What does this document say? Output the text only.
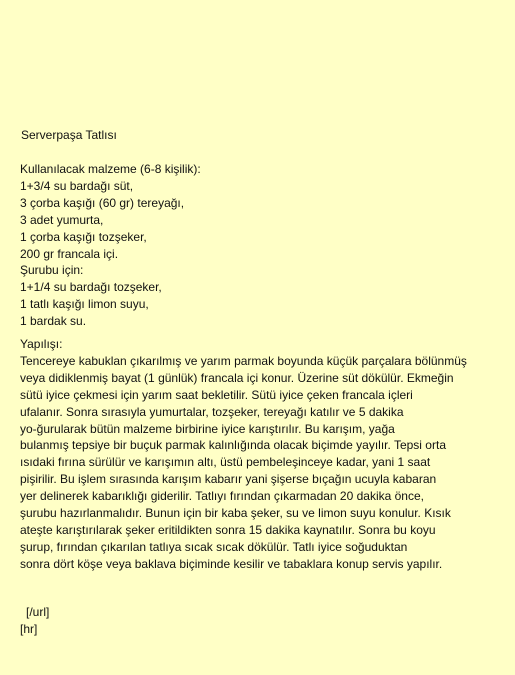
Serverpaşa Tatlısı
Kullanılacak malzeme (6-8 kişilik):
1+3/4 su bardağı süt,
3 çorba kaşığı (60 gr) tereyağı,
3 adet yumurta,
1 çorba kaşığı tozşeker,
200 gr francala içi.
Şurubu için:
1+1/4 su bardağı tozşeker,
1 tatlı kaşığı limon suyu,
1 bardak su.
Yapılışı:
Tencereye kabuklan çıkarılmış ve yarım parmak boyunda küçük parçalara bölünmüş
veya didiklenmiş bayat (1 günlük) francala içi konur. Üzerine süt dökülür. Ekmeğin
sütü iyice çekmesi için yarım saat bekletilir. Sütü iyice çeken francala içleri
ufalanır. Sonra sırasıyla yumurtalar, tozşeker, tereyağı katılır ve 5 dakika
yo-ğurularak bütün malzeme birbirine iyice karıştırılır. Bu karışım, yağa
bulanmış tepsiye bir buçuk parmak kalınlığında olacak biçimde yayılır. Tepsi orta
ısıdaki fırına sürülür ve karışımın altı, üstü pembeleşinceye kadar, yani 1 saat
pişirilir. Bu işlem sırasında karışım kabarır yani şişerse bıçağın ucuyla kabaran
yer delinerek kabarıklığı giderilir. Tatlıyı fırından çıkarmadan 20 dakika önce,
şurubu hazırlanmalıdır. Bunun için bir kaba şeker, su ve limon suyu konulur. Kısık
ateşte karıştırılarak şeker eritildikten sonra 15 dakika kaynatılır. Sonra bu koyu
şurup, fırından çıkarılan tatlıya sıcak sıcak dökülür. Tatlı iyice soğuduktan
sonra dört köşe veya baklava biçiminde kesilir ve tabaklara konup servis yapılır.
[/url]
[hr]
